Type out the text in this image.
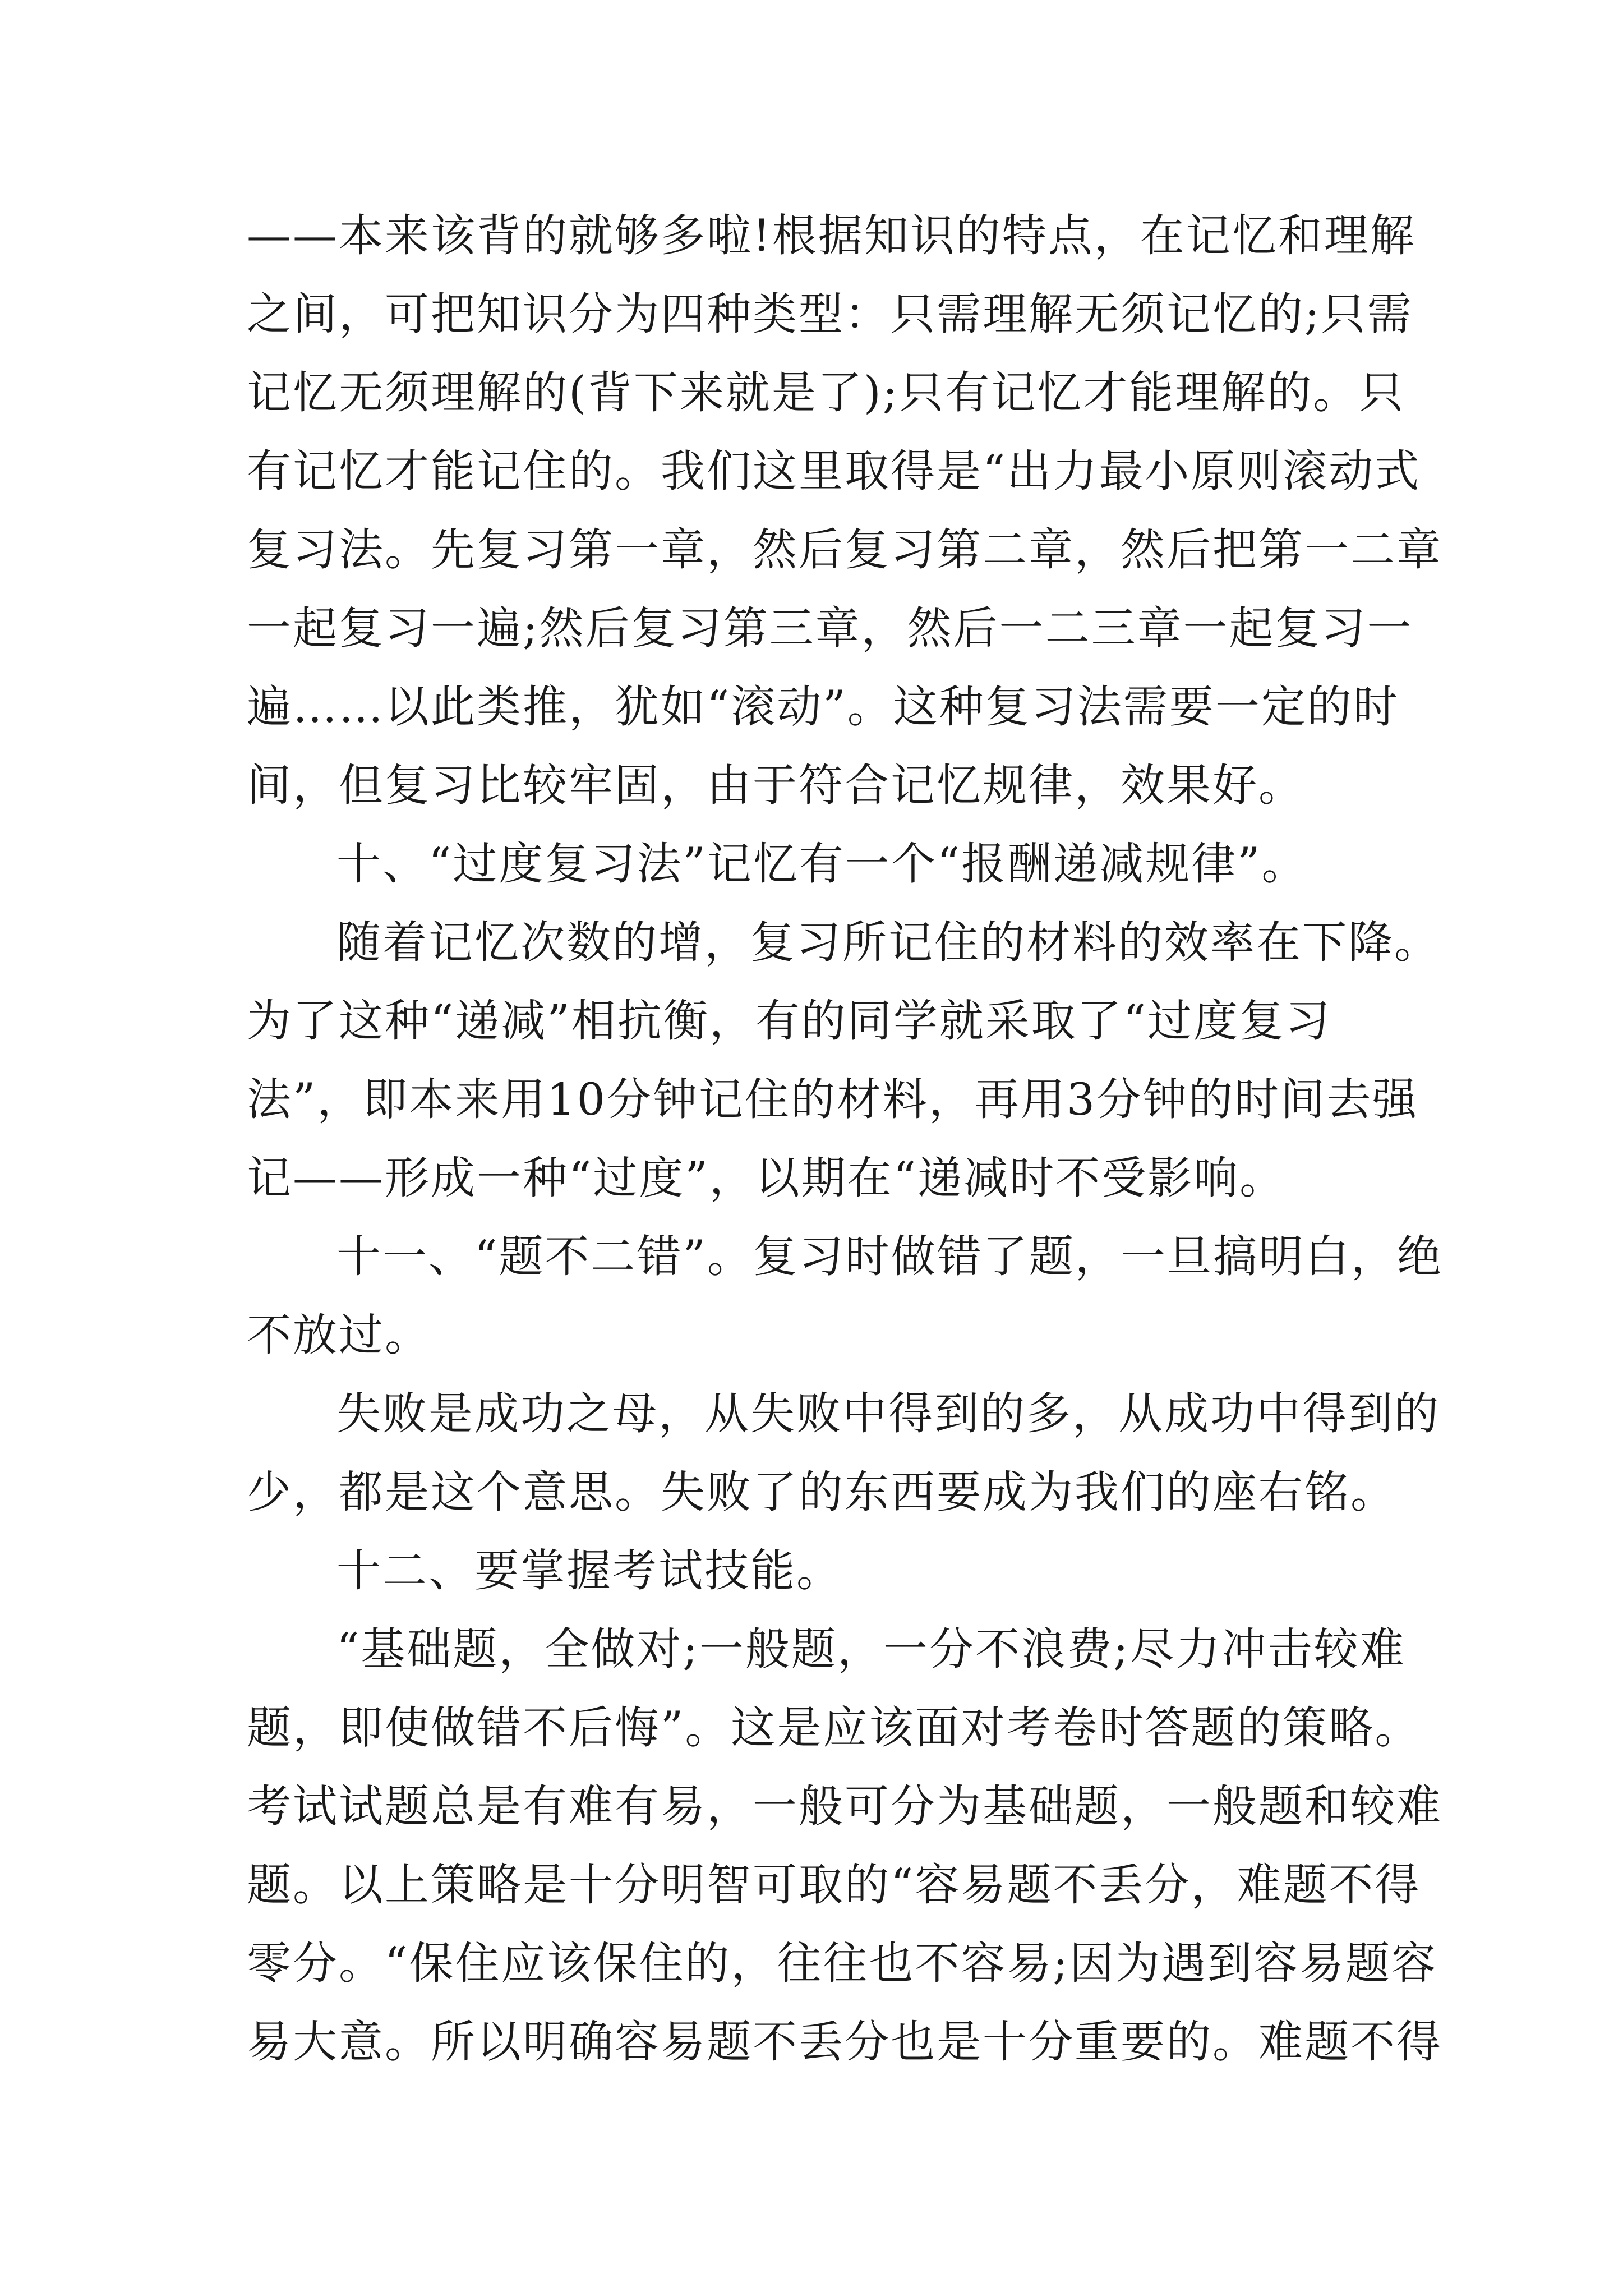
——本来该背的就够多啦!根据知识的特点，在记忆和理解

之间，可把知识分为四种类型：只需理解无须记忆的;只需

记忆无须理解的(背下来就是了);只有记忆才能理解的。只

有记忆才能记住的。我们这里取得是“出力最小原则滚动式

复习法。先复习第一章，然后复习第二章，然后把第一二章

一起复习一遍;然后复习第三章，然后一二三章一起复习一

遍……以此类推，犹如“滚动”。这种复习法需要一定的时

间，但复习比较牢固，由于符合记忆规律，效果好。

十、“过度复习法”记忆有一个“报酬递减规律”。

随着记忆次数的增，复习所记住的材料的效率在下降。

为了这种“递减”相抗衡，有的同学就采取了“过度复习

法”，即本来用10分钟记住的材料，再用3分钟的时间去强

记——形成一种“过度”，以期在“递减时不受影响。

十一、“题不二错”。复习时做错了题，一旦搞明白，绝

不放过。

失败是成功之母，从失败中得到的多，从成功中得到的

少，都是这个意思。失败了的东西要成为我们的座右铭。

十二、要掌握考试技能。

“基础题，全做对;一般题，一分不浪费;尽力冲击较难

题，即使做错不后悔”。这是应该面对考卷时答题的策略。

考试试题总是有难有易，一般可分为基础题，一般题和较难

题。以上策略是十分明智可取的“容易题不丢分，难题不得

零分。“保住应该保住的，往往也不容易;因为遇到容易题容

易大意。所以明确容易题不丢分也是十分重要的。难题不得
